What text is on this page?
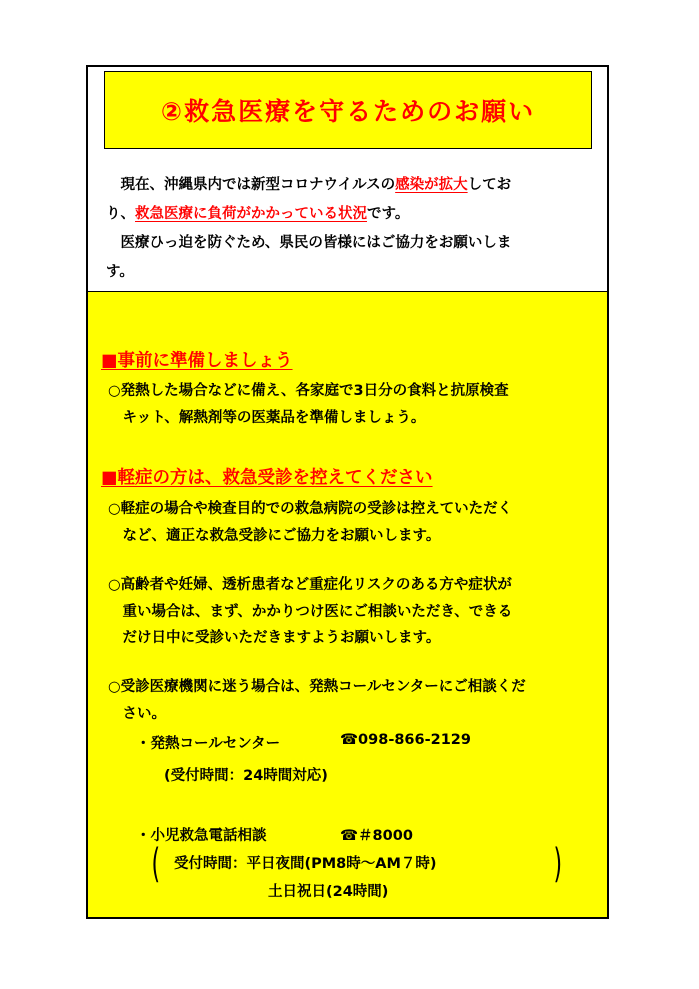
②救急医療を守るためのお願い

　現在、沖縄県内では新型コロナウイルスの感染が拡大してお

り、救急医療に負荷がかかっている状況です。

　医療ひっ迫を防ぐため、県民の皆様にはご協力をお願いしま

す。

■事前に準備しましょう

○発熱した場合などに備え、各家庭で3日分の食料と抗原検査

　キット、解熱剤等の医薬品を準備しましょう。

■軽症の方は、救急受診を控えてください

○軽症の場合や検査目的での救急病院の受診は控えていただく

　など、適正な救急受診にご協力をお願いします。

○高齢者や妊婦、透析患者など重症化リスクのある方や症状が

　重い場合は、まず、かかりつけ医にご相談いただき、できる

　だけ日中に受診いただきますようお願いします。

○受診医療機関に迷う場合は、発熱コールセンターにご相談くだ

　さい。

・発熱コールセンター	☎098-866-2129
(受付時間：24時間対応)
・小児救急電話相談	☎＃8000
( 受付時間：平日夜間(PM8時～AM７時)
土日祝日(24時間)
)
